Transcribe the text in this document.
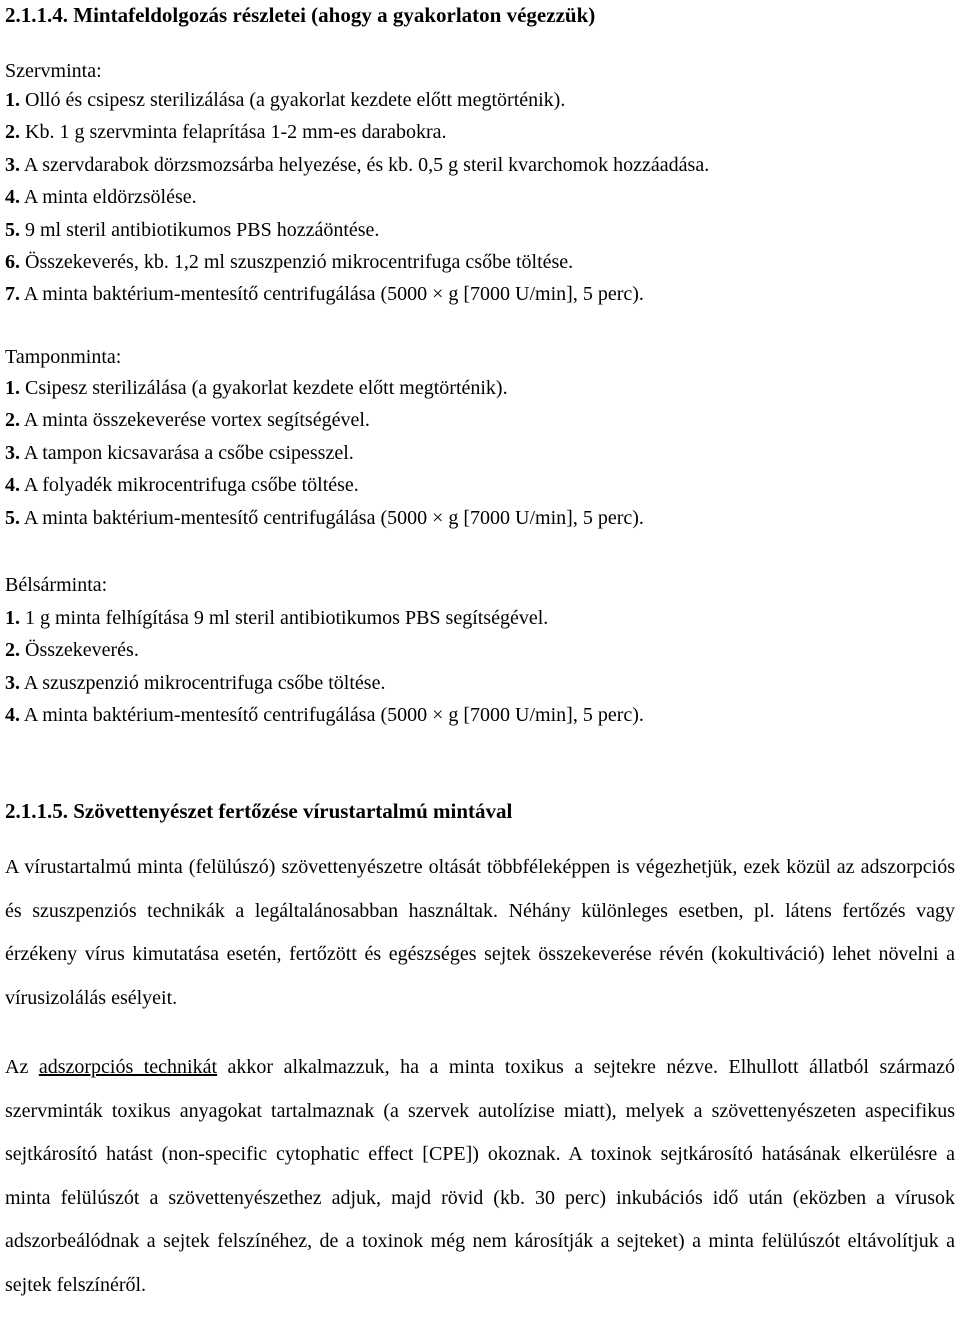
2.1.1.4. Mintafeldolgozás részletei (ahogy a gyakorlaton végezzük)
Szervminta:
1. Olló és csipesz sterilizálása (a gyakorlat kezdete előtt megtörténik).
2. Kb. 1 g szervminta felaprítása 1-2 mm-es darabokra.
3. A szervdarabok dörzsmozsárba helyezése, és kb. 0,5 g steril kvarchomok hozzáadása.
4. A minta eldörzsölése.
5. 9 ml steril antibiotikumos PBS hozzáöntése.
6. Összekeverés, kb. 1,2 ml szuszpenzió mikrocentrifuga csőbe töltése.
7. A minta baktérium-mentesítő centrifugálása (5000 × g [7000 U/min], 5 perc).
Tamponminta:
1. Csipesz sterilizálása (a gyakorlat kezdete előtt megtörténik).
2. A minta összekeverése vortex segítségével.
3. A tampon kicsavarása a csőbe csipesszel.
4. A folyadék mikrocentrifuga csőbe töltése.
5. A minta baktérium-mentesítő centrifugálása (5000 × g [7000 U/min], 5 perc).
Bélsárminta:
1. 1 g minta felhígítása 9 ml steril antibiotikumos PBS segítségével.
2. Összekeverés.
3. A szuszpenzió mikrocentrifuga csőbe töltése.
4. A minta baktérium-mentesítő centrifugálása (5000 × g [7000 U/min], 5 perc).
2.1.1.5. Szövettenyészet fertőzése vírustartalmú mintával
A vírustartalmú minta (felülúszó) szövettenyészetre oltását többféleképpen is végezhetjük, ezek közül az adszorpciós és szuszpenziós technikák a legáltalánosabban használtak. Néhány különleges esetben, pl. látens fertőzés vagy érzékeny vírus kimutatása esetén, fertőzött és egészséges sejtek összekeverése révén (kokultiváció) lehet növelni a vírusizolálás esélyeit.
Az adszorpciós technikát akkor alkalmazzuk, ha a minta toxikus a sejtekre nézve. Elhullott állatból származó szervminták toxikus anyagokat tartalmaznak (a szervek autolízise miatt), melyek a szövettenyészeten aspecifikus sejtkárosító hatást (non-specific cytophatic effect [CPE]) okoznak. A toxinok sejtkárosító hatásának elkerülésre a minta felülúszót a szövettenyészethez adjuk, majd rövid (kb. 30 perc) inkubációs idő után (eközben a vírusok adszorbeálódnak a sejtek felszínéhez, de a toxinok még nem károsítják a sejteket) a minta felülúszót eltávolítjuk a sejtek felszínéről.
